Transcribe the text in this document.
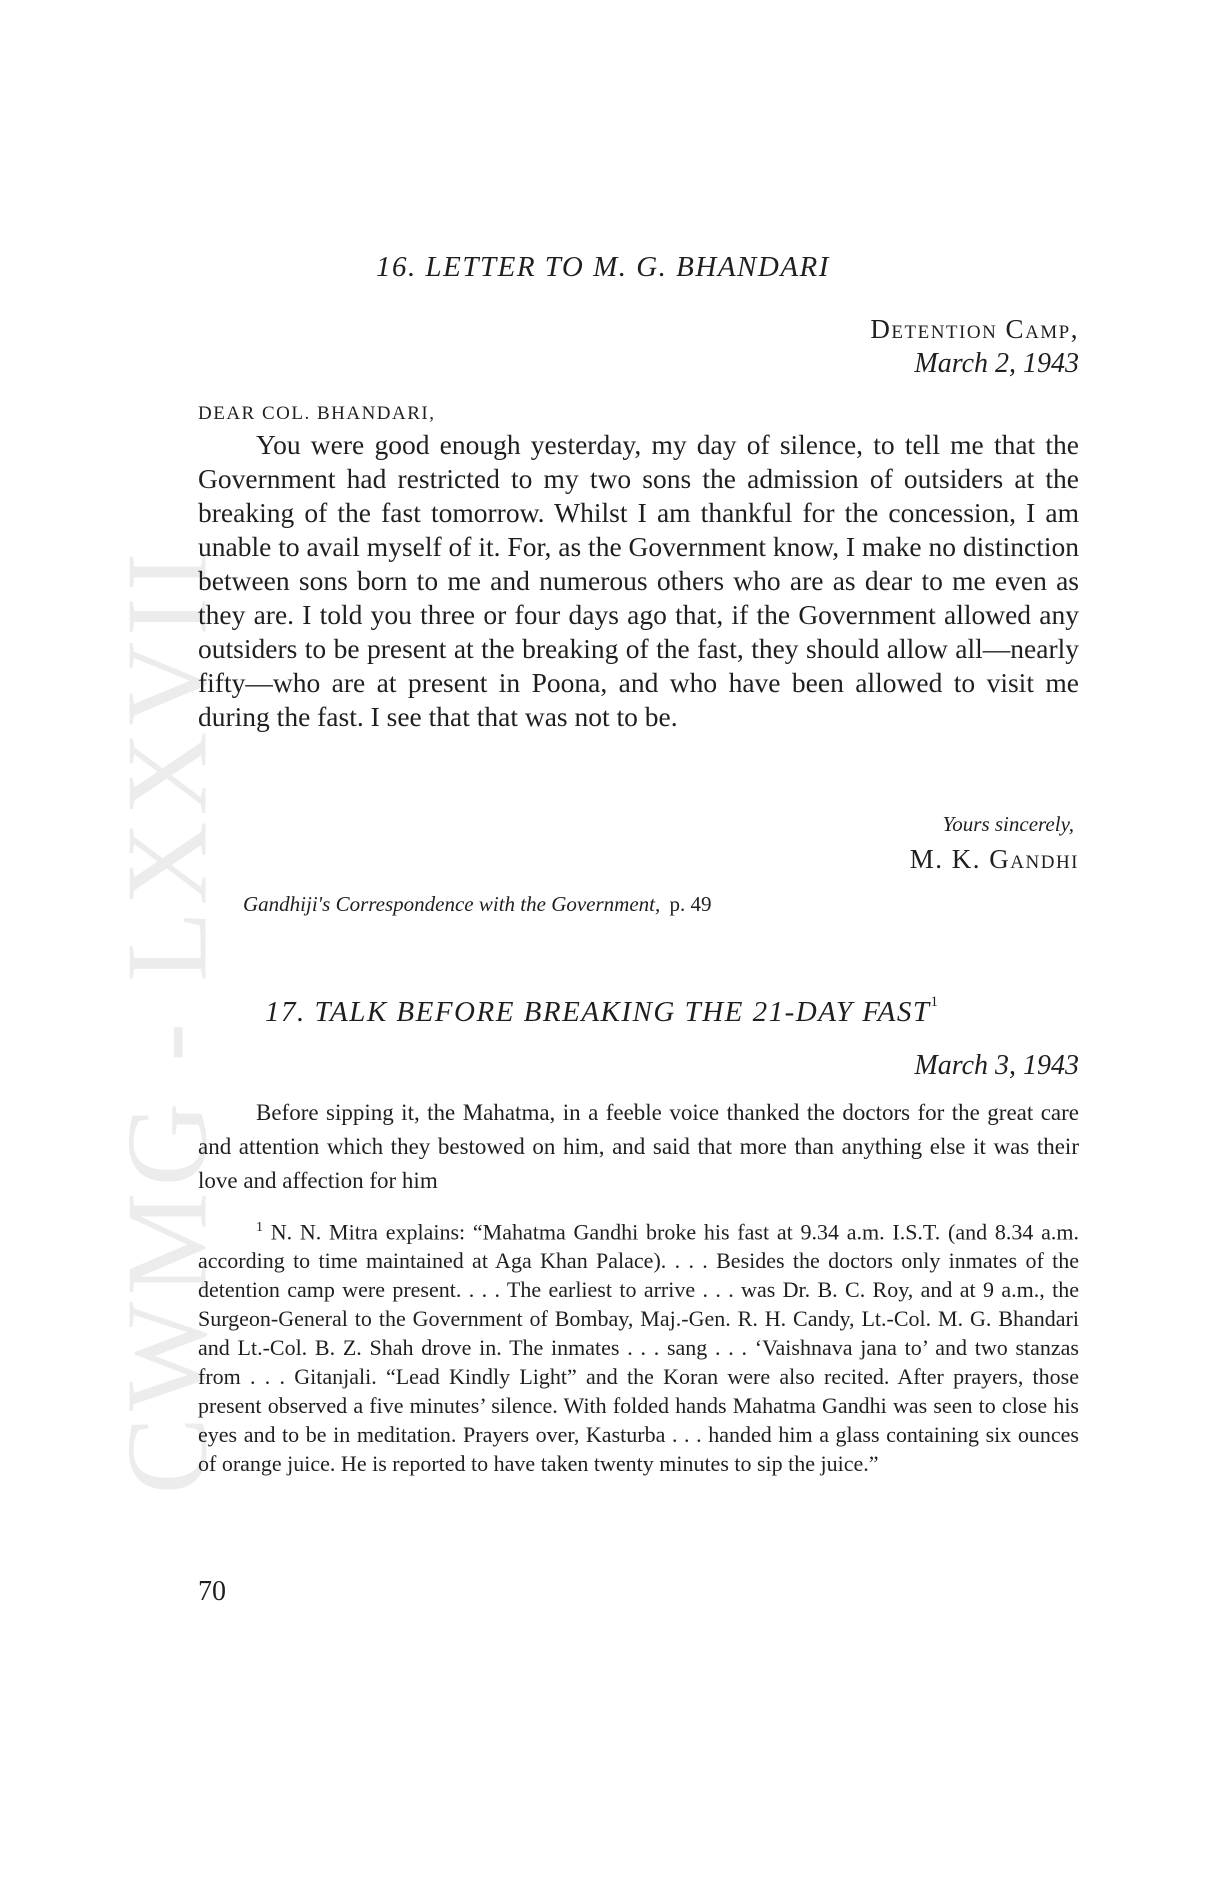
CWMG - LXXVII
16. LETTER TO M. G. BHANDARI
Detention Camp,
March 2, 1943
DEAR COL. BHANDARI,

You were good enough yesterday, my day of silence, to tell me that the Government had restricted to my two sons the admission of outsiders at the breaking of the fast tomorrow. Whilst I am thankful for the concession, I am unable to avail myself of it. For, as the Government know, I make no distinction between sons born to me and numerous others who are as dear to me even as they are. I told you three or four days ago that, if the Government allowed any outsiders to be present at the breaking of the fast, they should allow all—nearly fifty—who are at present in Poona, and who have been allowed to visit me during the fast. I see that that was not to be.

Yours sincerely,
M. K. Gandhi
Gandhiji's Correspondence with the Government, p. 49
17. TALK BEFORE BREAKING THE 21-DAY FAST$^1$
March 3, 1943

Before sipping it, the Mahatma, in a feeble voice thanked the doctors for the great care and attention which they bestowed on him, and said that more than anything else it was their love and affection for him

$^1$ N. N. Mitra explains: “Mahatma Gandhi broke his fast at 9.34 a.m. I.S.T. (and 8.34 a.m. according to time maintained at Aga Khan Palace). . . . Besides the doctors only inmates of the detention camp were present. . . . The earliest to arrive . . . was Dr. B. C. Roy, and at 9 a.m., the Surgeon-General to the Government of Bombay, Maj.-Gen. R. H. Candy, Lt.-Col. M. G. Bhandari and Lt.-Col. B. Z. Shah drove in. The inmates . . . sang . . . ‘Vaishnava jana to’ and two stanzas from . . . Gitanjali. “Lead Kindly Light” and the Koran were also recited. After prayers, those present observed a five minutes’ silence. With folded hands Mahatma Gandhi was seen to close his eyes and to be in meditation. Prayers over, Kasturba . . . handed him a glass containing six ounces of orange juice. He is reported to have taken twenty minutes to sip the juice.”

70
